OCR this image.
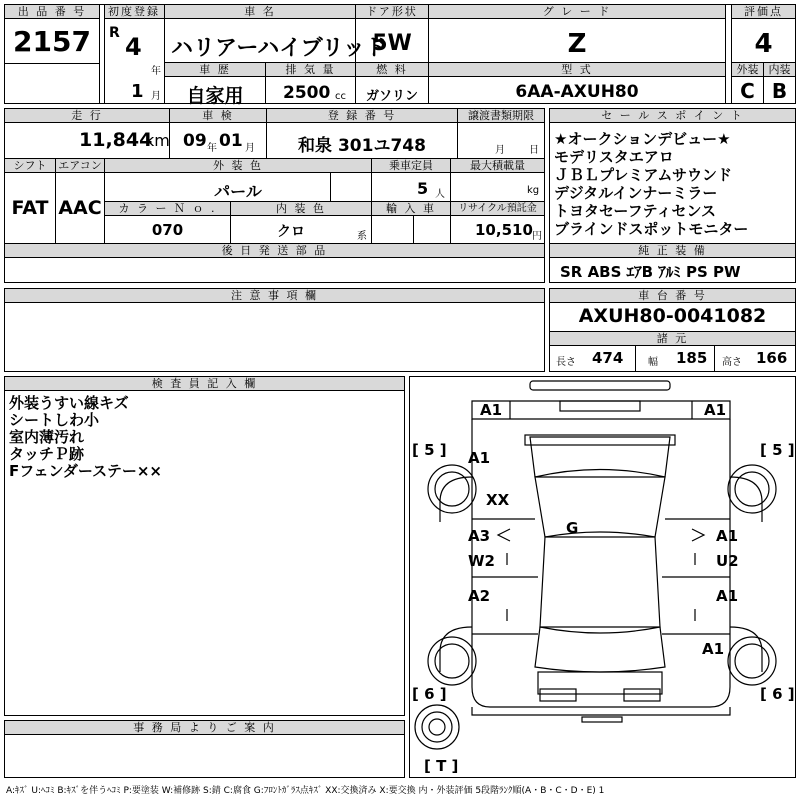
出 品 番 号
2157
初度登録
R 4
年
1 月
車 名
ハリアーハイブリッド
ドア形状
5W
グ レ ー ド
Z
評価点
4
車 歴
自家用
排 気 量
2500 cc
燃 料
ガソリン
型 式
6AA-AXUH80
外装 内装
C B
走 行
11,844
km
車 検
09 年 01 月
登 録 番 号
和泉 301ユ748
譲渡書類期限
月 日
シフト	エアコン
FAT AAC
外 装 色
パール
乗車定員
5 人
最大積載量
kg
カ ラ ー Ｎ ｏ .
070
内 装 色
クロ	系
輸 入 車	リサイクル預託金
10,510 円
後 日 発 送 部 品
セ ー ル ス ポ イ ン ト
★オークションデビュー★
モデリスタエアロ
ＪＢＬプレミアムサウンド
デジタルインナーミラー
トヨタセーフティセンス
ブラインドスポットモニター
純 正 装 備
SR ABS ｴｱB ｱﾙﾐ PS PW
注 意 事 項 欄	車 台 番 号
AXUH80-0041082
諸 元
長さ 474 幅 185 高さ 166
検 査 員 記 入 欄
外装うすい線キズ
シートしわ小
室内薄汚れ
タッチＰ跡
Fフェンダーステー××
事 務 局 よ り ご 案 内
A1	A1
A1
XX
G
A3
W2
A1
U2
A2	A1
A1
[ 5 ]	[ 5 ]
[ 6 ]	[ 6 ]
[ T ]
A:ｷｽﾞ U:ﾍｺﾐ B:ｷｽﾞを伴うﾍｺﾐ P:要塗装 W:補修跡 S:錆 C:腐食 G:ﾌﾛﾝﾄｶﾞﾗｽ点ｷｽﾞ XX:交換済み X:要交換 内・外装評価 5段階ﾗﾝｸ順(A・B・C・D・E) 1
